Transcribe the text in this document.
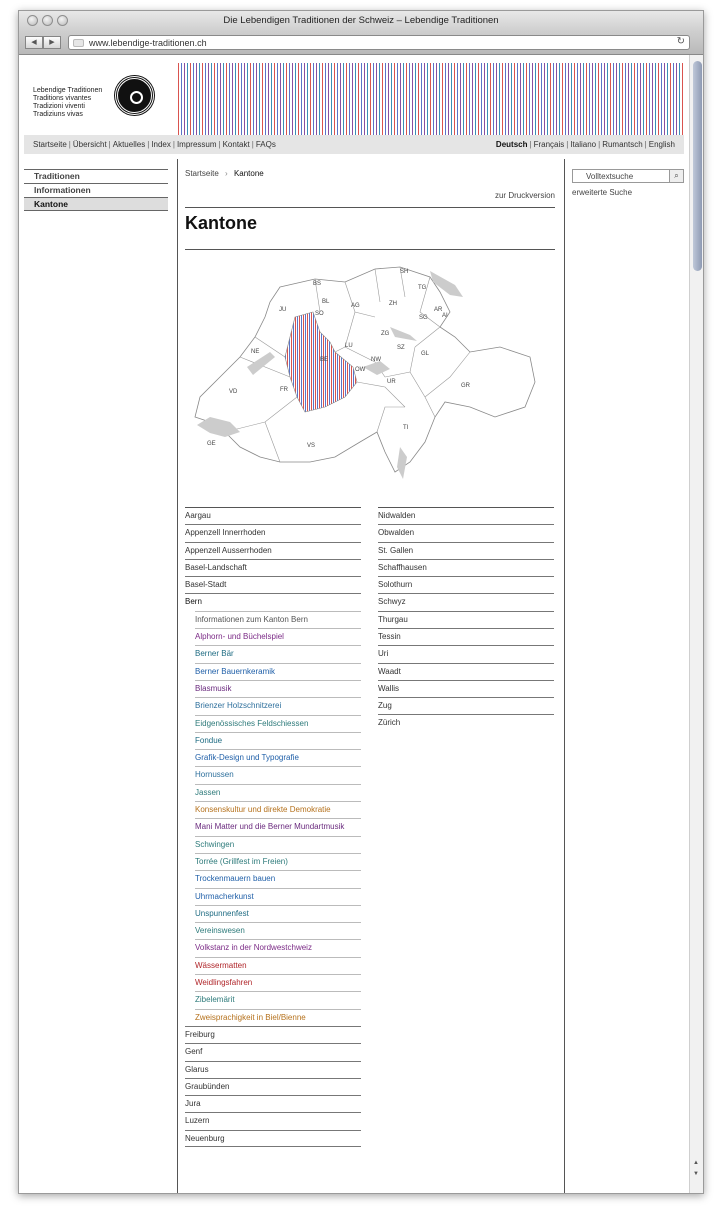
Die Lebendigen Traditionen der Schweiz – Lebendige Traditionen
◀	▶	www.lebendige-traditionen.ch	↻
Lebendige Traditionen
Traditions vivantes
Tradizioni viventi
Tradiziuns vivas
Startseite | Übersicht | Aktuelles | Index | Impressum | Kontakt | FAQs	Deutsch | Français | Italiano | Rumantsch | English
Traditionen
Informationen
Kantone
Startseite › Kantone
zur Druckversion
Kantone
SH
BS
TG
BL
JU
SO
AG	ZH
AR
AI
SG
ZG
NE
LU	SZ
GL
NW
OW
UR
VD	FR
BE
GR
TI
VS
GE
Aargau
Appenzell Innerrhoden
Appenzell Ausserrhoden
Basel-Landschaft
Basel-Stadt
Bern
Informationen zum Kanton Bern
Alphorn- und Büchelspiel
Berner Bär
Berner Bauernkeramik
Blasmusik
Brienzer Holzschnitzerei
Eidgenössisches Feldschiessen
Fondue
Grafik-Design und Typografie
Hornussen
Jassen
Konsenskultur und direkte Demokratie
Mani Matter und die Berner Mundartmusik
Schwingen
Torrée (Grillfest im Freien)
Trockenmauern bauen
Uhrmacherkunst
Unspunnenfest
Vereinswesen
Volkstanz in der Nordwestchweiz
Wässermatten
Weidlingsfahren
Zibelemärit
Zweisprachigkeit in Biel/Bienne
Freiburg
Genf
Glarus
Graubünden
Jura
Luzern
Neuenburg
Nidwalden
Obwalden
St. Gallen
Schaffhausen
Solothurn
Schwyz
Thurgau
Tessin
Uri
Waadt
Wallis
Zug
Zürich
Volltextsuche	⌕
erweiterte Suche
▲
▼
